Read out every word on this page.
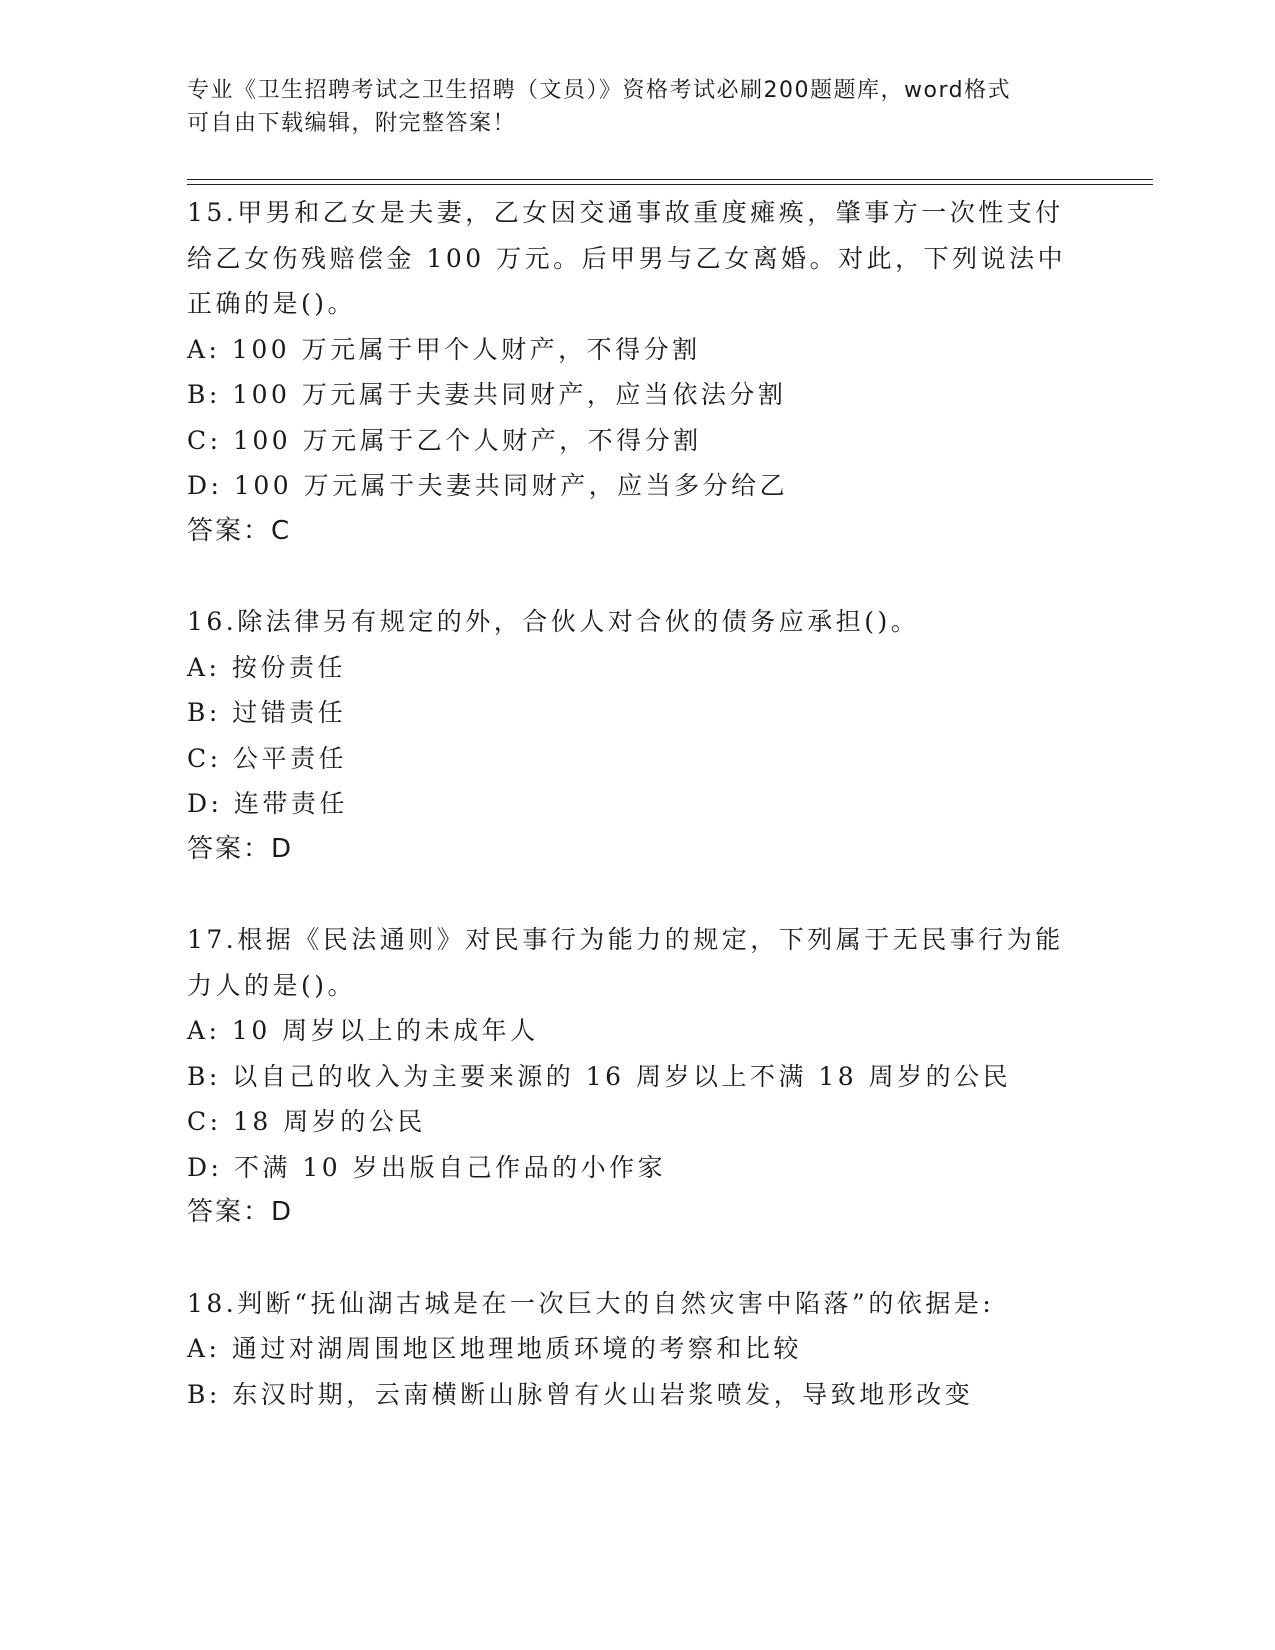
专业《卫生招聘考试之卫生招聘（文员）》资格考试必刷200题题库，word格式
可自由下载编辑，附完整答案！
15.甲男和乙女是夫妻，乙女因交通事故重度瘫痪，肇事方一次性支付
给乙女伤残赔偿金 100 万元。后甲男与乙女离婚。对此，下列说法中
正确的是()。
A: 100 万元属于甲个人财产，不得分割
B: 100 万元属于夫妻共同财产，应当依法分割
C: 100 万元属于乙个人财产，不得分割
D: 100 万元属于夫妻共同财产，应当多分给乙
答案：C
16.除法律另有规定的外，合伙人对合伙的债务应承担()。
A: 按份责任
B: 过错责任
C: 公平责任
D: 连带责任
答案：D
17.根据《民法通则》对民事行为能力的规定，下列属于无民事行为能
力人的是()。
A: 10 周岁以上的未成年人
B: 以自己的收入为主要来源的 16 周岁以上不满 18 周岁的公民
C: 18 周岁的公民
D: 不满 10 岁出版自己作品的小作家
答案：D
18.判断“抚仙湖古城是在一次巨大的自然灾害中陷落”的依据是:
A: 通过对湖周围地区地理地质环境的考察和比较
B: 东汉时期，云南横断山脉曾有火山岩浆喷发，导致地形改变
